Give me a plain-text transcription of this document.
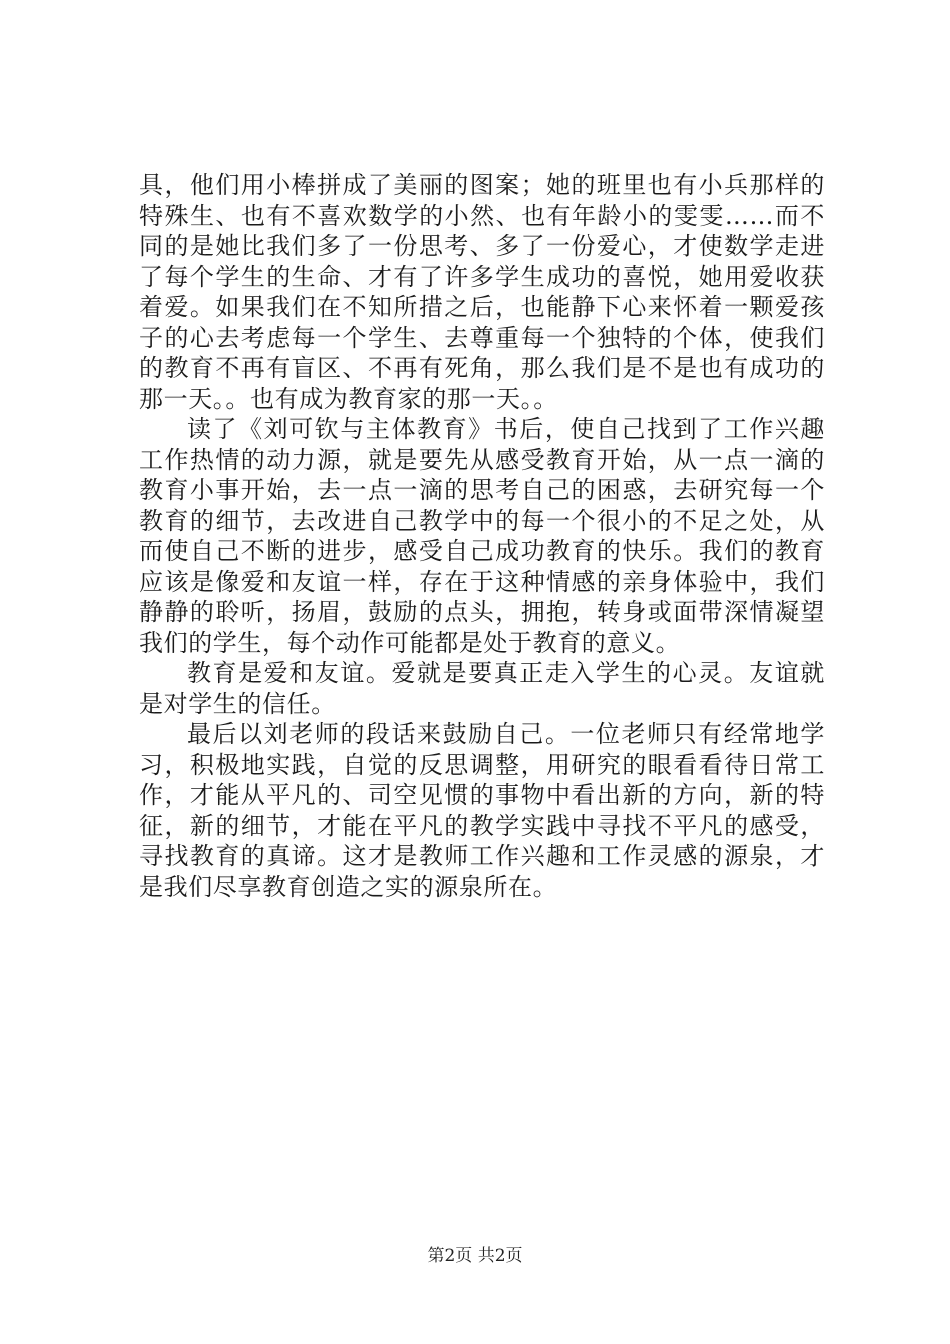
具，他们用小棒拼成了美丽的图案；她的班里也有小兵那样的特殊生、也有不喜欢数学的小然、也有年龄小的雯雯……而不同的是她比我们多了一份思考、多了一份爱心，才使数学走进了每个学生的生命、才有了许多学生成功的喜悦，她用爱收获着爱。如果我们在不知所措之后，也能静下心来怀着一颗爱孩子的心去考虑每一个学生、去尊重每一个独特的个体，使我们的教育不再有盲区、不再有死角，那么我们是不是也有成功的那一天。。也有成为教育家的那一天。。

读了《刘可钦与主体教育》书后，使自己找到了工作兴趣工作热情的动力源，就是要先从感受教育开始，从一点一滴的教育小事开始，去一点一滴的思考自己的困惑，去研究每一个教育的细节，去改进自己教学中的每一个很小的不足之处，从而使自己不断的进步，感受自己成功教育的快乐。我们的教育应该是像爱和友谊一样，存在于这种情感的亲身体验中，我们静静的聆听，扬眉，鼓励的点头，拥抱，转身或面带深情凝望我们的学生，每个动作可能都是处于教育的意义。

教育是爱和友谊。爱就是要真正走入学生的心灵。友谊就是对学生的信任。

最后以刘老师的段话来鼓励自己。一位老师只有经常地学习，积极地实践，自觉的反思调整，用研究的眼看看待日常工作，才能从平凡的、司空见惯的事物中看出新的方向，新的特征，新的细节，才能在平凡的教学实践中寻找不平凡的感受，寻找教育的真谛。这才是教师工作兴趣和工作灵感的源泉，才是我们尽享教育创造之实的源泉所在。

第2页 共2页
